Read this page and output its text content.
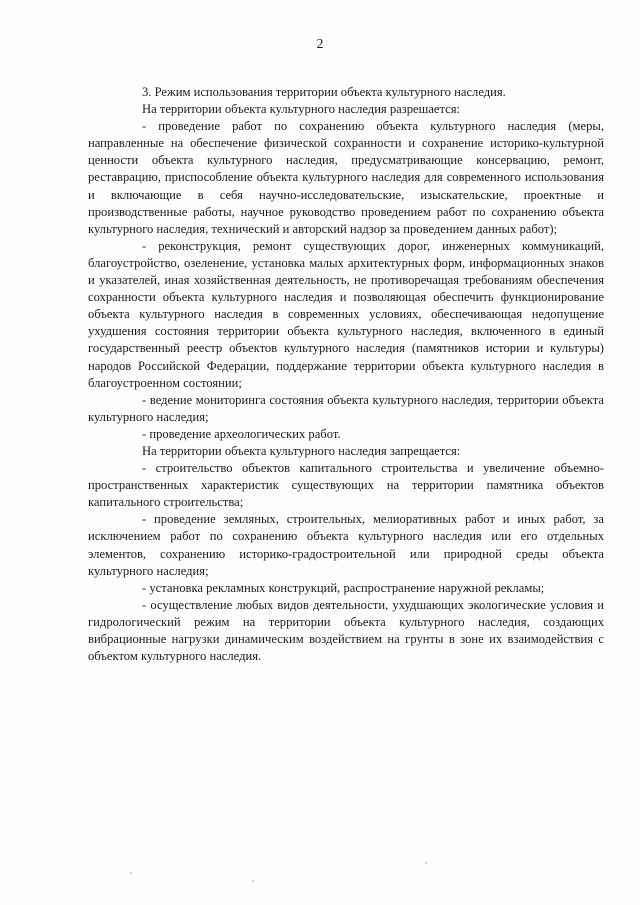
2

3. Режим использования территории объекта культурного наследия.

На территории объекта культурного наследия разрешается:

- проведение работ по сохранению объекта культурного наследия (меры, направленные на обеспечение физической сохранности и сохранение историко-культурной ценности объекта культурного наследия, предусматривающие консервацию, ремонт, реставрацию, приспособление объекта культурного наследия для современного использования и включающие в себя научно-исследовательские, изыскательские, проектные и производственные работы, научное руководство проведением работ по сохранению объекта культурного наследия, технический и авторский надзор за проведением данных работ);

- реконструкция, ремонт существующих дорог, инженерных коммуникаций, благоустройство, озеленение, установка малых архитектурных форм, информационных знаков и указателей, иная хозяйственная деятельность, не противоречащая требованиям обеспечения сохранности объекта культурного наследия и позволяющая обеспечить функционирование объекта культурного наследия в современных условиях, обеспечивающая недопущение ухудшения состояния территории объекта культурного наследия, включенного в единый государственный реестр объектов культурного наследия (памятников истории и культуры) народов Российской Федерации, поддержание территории объекта культурного наследия в благоустроенном состоянии;

- ведение мониторинга состояния объекта культурного наследия, территории объекта культурного наследия;

- проведение археологических работ.

На территории объекта культурного наследия запрещается:

- строительство объектов капитального строительства и увеличение объемно-пространственных характеристик существующих на территории памятника объектов капитального строительства;

- проведение земляных, строительных, мелиоративных работ и иных работ, за исключением работ по сохранению объекта культурного наследия или его отдельных элементов, сохранению историко-градостроительной или природной среды объекта культурного наследия;

- установка рекламных конструкций, распространение наружной рекламы;

- осуществление любых видов деятельности, ухудшающих экологические условия и гидрологический режим на территории объекта культурного наследия, создающих вибрационные нагрузки динамическим воздействием на грунты в зоне их взаимодействия с объектом культурного наследия.
